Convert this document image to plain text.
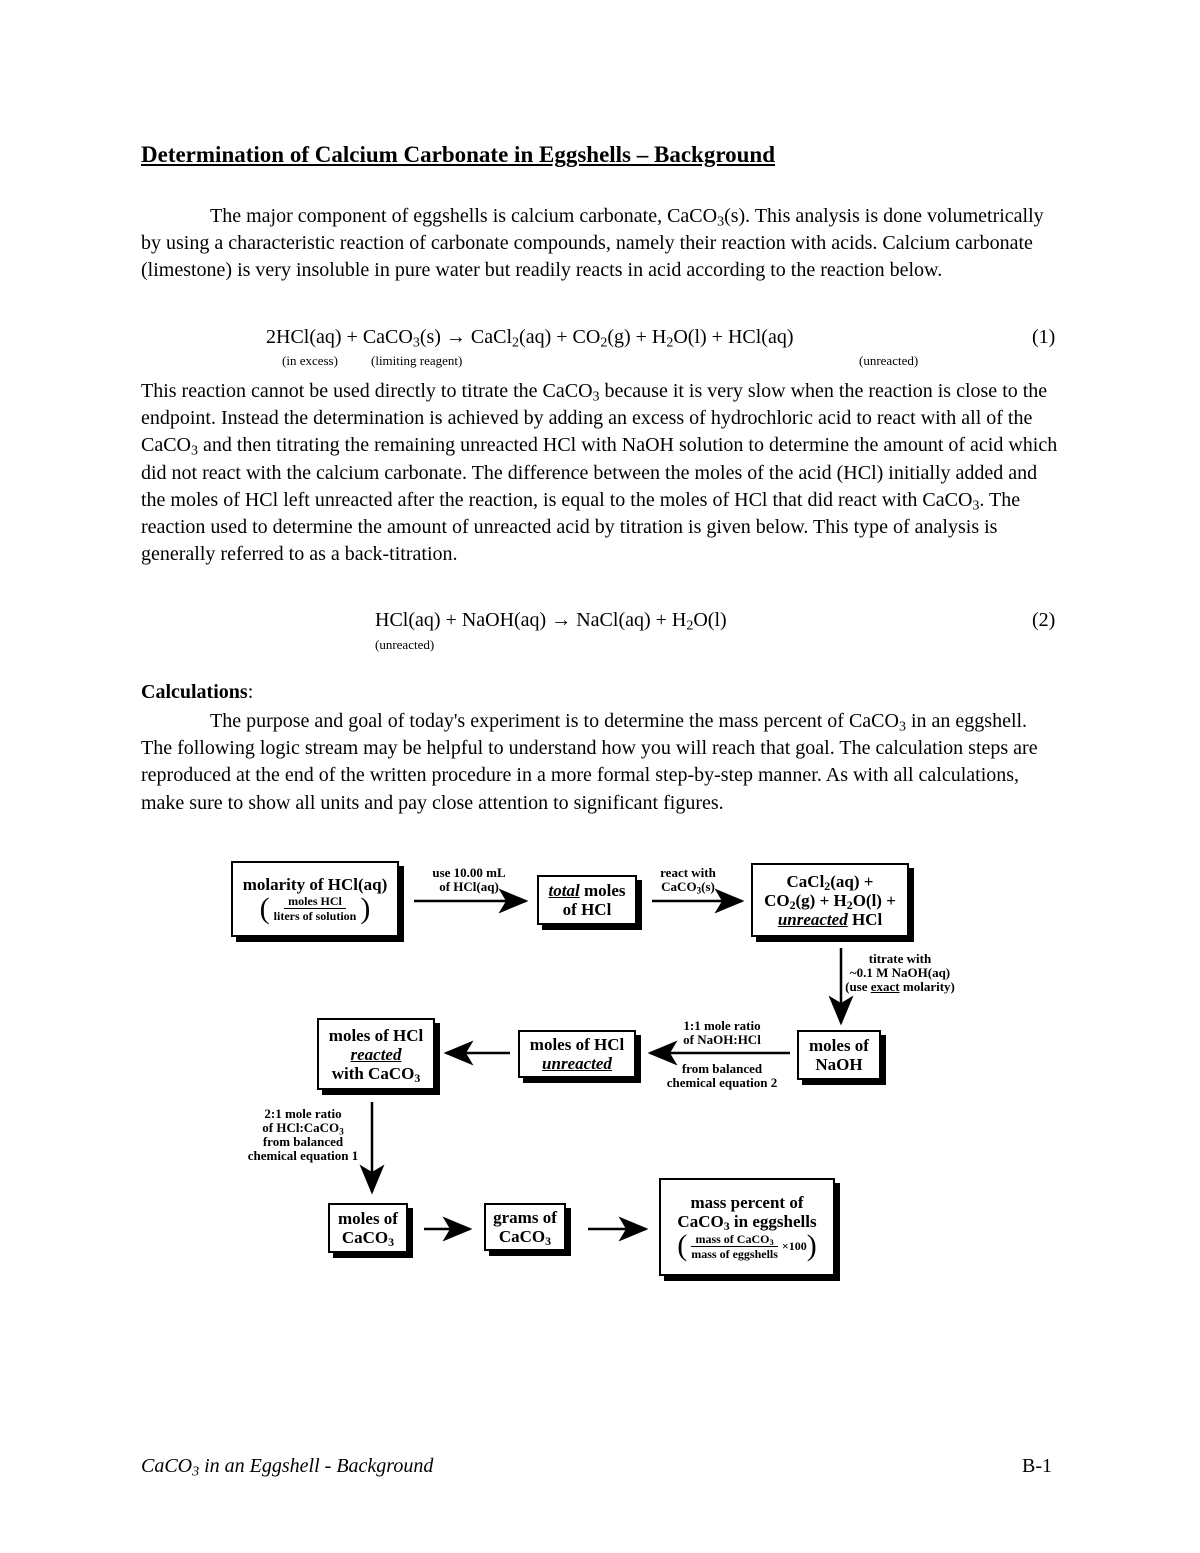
Determination of Calcium Carbonate in Eggshells – Background
The major component of eggshells is calcium carbonate, CaCO$_3$(s). This analysis is done volumetrically by using a characteristic reaction of carbonate compounds, namely their reaction with acids. Calcium carbonate (limestone) is very insoluble in pure water but readily reacts in acid according to the reaction below.
2HCl(aq) + CaCO$_3$(s) → CaCl$_2$(aq) + $CO_2(g) + H_2O(l) + HCl(aq)$
(in excess)	(limiting reagent)	(unreacted)
(1)
This reaction cannot be used directly to titrate the CaCO$_3$ because it is very slow when the reaction is close to the endpoint. Instead the determination is achieved by adding an excess of hydrochloric acid to react with all of the CaCO$_3$ and then titrating the remaining unreacted HCl with NaOH solution to determine the amount of acid which did not react with the calcium carbonate. The difference between the moles of the acid (HCl) initially added and the moles of HCl left unreacted after the reaction, is equal to the moles of HCl that did react with CaCO$_3$. The reaction used to determine the amount of unreacted acid by titration is given below. This type of analysis is generally referred to as a back-titration.
HCl(aq) + NaOH(aq) → NaCl(aq) + $H_2O(l)$
(unreacted)
(2)
Calculations:
The purpose and goal of today's experiment is to determine the mass percent of CaCO$_3$ in an eggshell. The following logic stream may be helpful to understand how you will reach that goal. The calculation steps are reproduced at the end of the written procedure in a more formal step-by-step manner. As with all calculations, make sure to show all units and pay close attention to significant figures.
molarity of HCl(aq)
( $\frac{\text{moles HCl}}{\text{liters of solution}}$ )
use 10.00 mL
of HCl(aq)	total moles
of HCl
react with
CaCO$_3$(s)	CaCl$_2$(aq) +
$CO_2(g) + H_2O(l)$ +
unreacted HCl
titrate with
~0.1 M NaOH(aq)
(use exact molarity)
moles of
NaOH
1:1 mole ratio
of NaOH:HCl
from balanced
chemical equation 2
moles of HCl
unreacted
moles of HCl
reacted
with CaCO$_3$
2:1 mole ratio
of HCl:CaCO$_3$
from balanced
chemical equation 1
moles of
CaCO$_3$
grams of
CaCO$_3$
mass percent of
CaCO$_3$ in eggshells
( $\frac{mass of CaCO_3}{\text{mass of eggshells}} \times 100$ )
CaCO$_3$ in an Eggshell - Background	B-1
